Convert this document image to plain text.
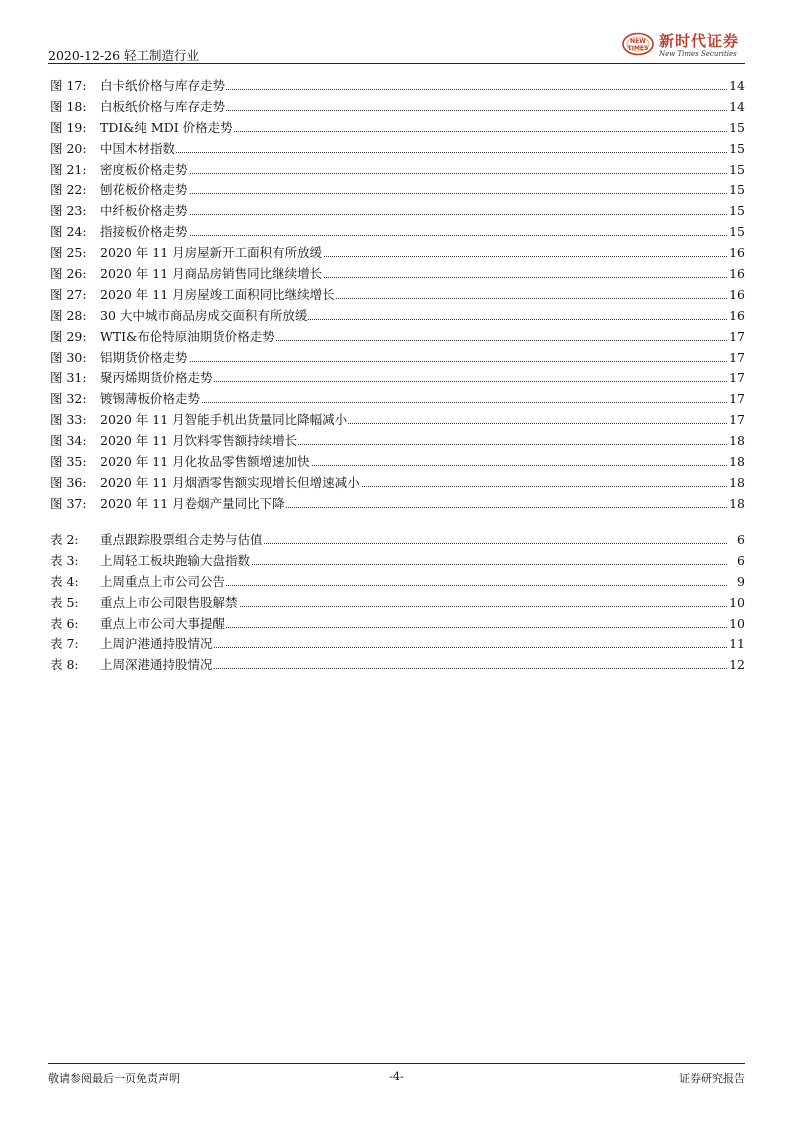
2020-12-26 轻工制造行业
NEW
TIMES 新时代证券
New Times Securities
图 17: 白卡纸价格与库存走势	14
图 18: 白板纸价格与库存走势	14
图 19: TDI&纯 MDI 价格走势	15
图 20: 中国木材指数	15
图 21: 密度板价格走势	15
图 22: 刨花板价格走势	15
图 23: 中纤板价格走势	15
图 24: 指接板价格走势	15
图 25: 2020 年 11 月房屋新开工面积有所放缓	16
图 26: 2020 年 11 月商品房销售同比继续增长	16
图 27: 2020 年 11 月房屋竣工面积同比继续增长	16
图 28: 30 大中城市商品房成交面积有所放缓	16
图 29: WTI&布伦特原油期货价格走势	17
图 30: 铝期货价格走势	17
图 31: 聚丙烯期货价格走势	17
图 32: 镀锡薄板价格走势	17
图 33: 2020 年 11 月智能手机出货量同比降幅减小	17
图 34: 2020 年 11 月饮料零售额持续增长	18
图 35: 2020 年 11 月化妆品零售额增速加快	18
图 36: 2020 年 11 月烟酒零售额实现增长但增速减小	18
图 37: 2020 年 11 月卷烟产量同比下降	18
表 2: 重点跟踪股票组合走势与估值	6
表 3: 上周轻工板块跑输大盘指数	6
表 4: 上周重点上市公司公告	9
表 5: 重点上市公司限售股解禁	10
表 6: 重点上市公司大事提醒	10
表 7: 上周沪港通持股情况	11
表 8: 上周深港通持股情况	12
敬请参阅最后一页免责声明	-4-	证券研究报告
